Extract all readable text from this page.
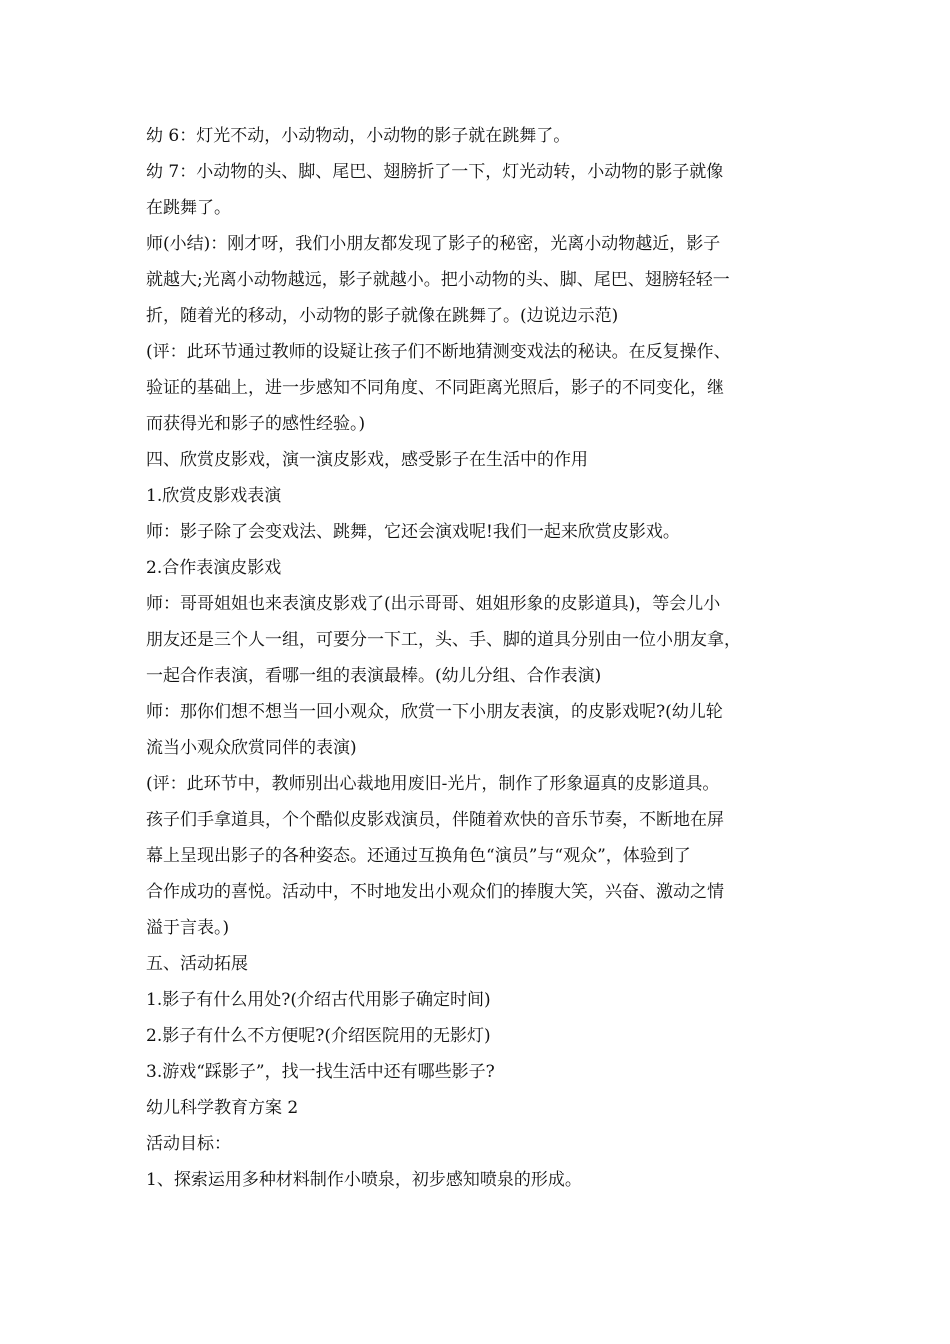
幼 6：灯光不动，小动物动，小动物的影子就在跳舞了。
幼 7：小动物的头、脚、尾巴、翅膀折了一下，灯光动转，小动物的影子就像
在跳舞了。
师(小结)：刚才呀，我们小朋友都发现了影子的秘密，光离小动物越近，影子
就越大;光离小动物越远，影子就越小。把小动物的头、脚、尾巴、翅膀轻轻一
折，随着光的移动，小动物的影子就像在跳舞了。(边说边示范)
(评：此环节通过教师的设疑让孩子们不断地猜测变戏法的秘诀。在反复操作、
验证的基础上，进一步感知不同角度、不同距离光照后，影子的不同变化，继
而获得光和影子的感性经验。)
四、欣赏皮影戏，演一演皮影戏，感受影子在生活中的作用
1.欣赏皮影戏表演
师：影子除了会变戏法、跳舞，它还会演戏呢!我们一起来欣赏皮影戏。
2.合作表演皮影戏
师：哥哥姐姐也来表演皮影戏了(出示哥哥、姐姐形象的皮影道具)，等会儿小
朋友还是三个人一组，可要分一下工，头、手、脚的道具分别由一位小朋友拿，
一起合作表演，看哪一组的表演最棒。(幼儿分组、合作表演)
师：那你们想不想当一回小观众，欣赏一下小朋友表演，的皮影戏呢?(幼儿轮
流当小观众欣赏同伴的表演)
(评：此环节中，教师别出心裁地用废旧-光片，制作了形象逼真的皮影道具。
孩子们手拿道具，个个酷似皮影戏演员，伴随着欢快的音乐节奏，不断地在屏
幕上呈现出影子的各种姿态。还通过互换角色“演员”与“观众”，体验到了
合作成功的喜悦。活动中，不时地发出小观众们的捧腹大笑，兴奋、激动之情
溢于言表。)
五、活动拓展
1.影子有什么用处?(介绍古代用影子确定时间)
2.影子有什么不方便呢?(介绍医院用的无影灯)
3.游戏“踩影子”，找一找生活中还有哪些影子?
幼儿科学教育方案 2
活动目标：
1、探索运用多种材料制作小喷泉，初步感知喷泉的形成。
